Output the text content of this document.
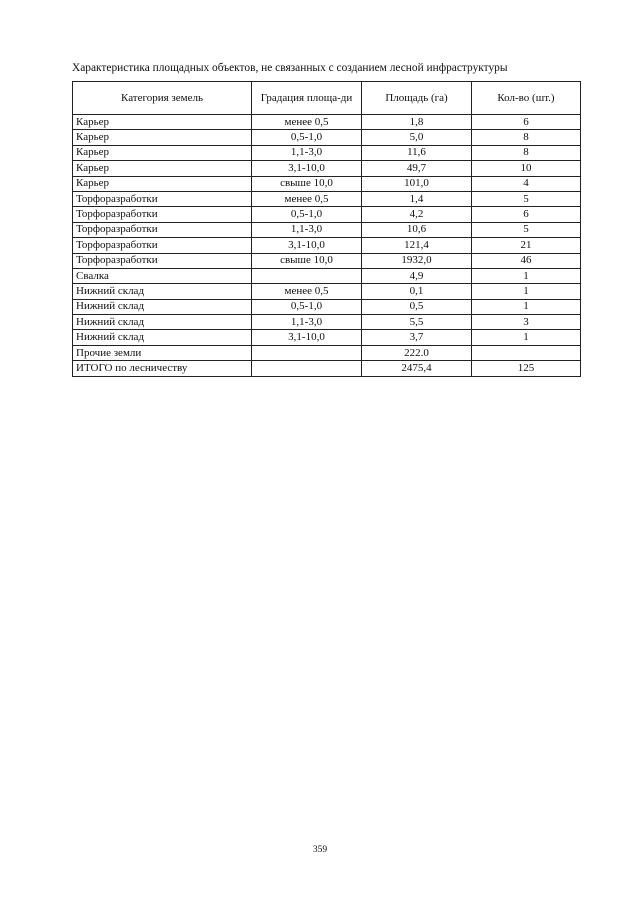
Характеристика площадных объектов, не связанных с созданием лесной инфраструктуры
Категория земель	Градация площа-ди	Площадь (га)	Кол-во (шт.)
Карьер	менее 0,5	1,8	6
Карьер	0,5-1,0	5,0	8
Карьер	1,1-3,0	11,6	8
Карьер	3,1-10,0	49,7	10
Карьер	свыше 10,0	101,0	4
Торфоразработки	менее 0,5	1,4	5
Торфоразработки	0,5-1,0	4,2	6
Торфоразработки	1,1-3,0	10,6	5
Торфоразработки	3,1-10,0	121,4	21
Торфоразработки	свыше 10,0	1932,0	46
Свалка		4,9	1
Нижний склад	менее 0,5	0,1	1
Нижний склад	0,5-1,0	0,5	1
Нижний склад	1,1-3,0	5,5	3
Нижний склад	3,1-10,0	3,7	1
Прочие земли		222.0	
ИТОГО по лесничеству		2475,4	125
359
